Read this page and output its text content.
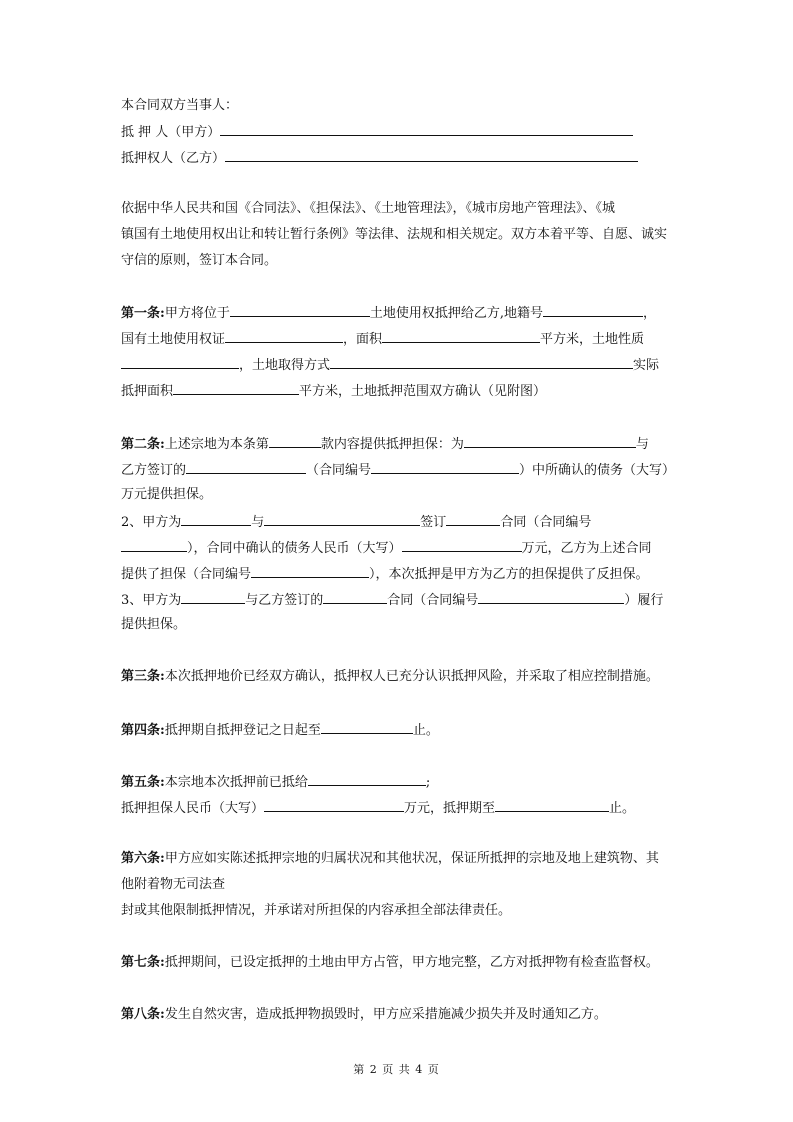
本合同双方当事人：
抵 押 人（甲方）
抵押权人（乙方）
依据中华人民共和国《合同法》、《担保法》、《土地管理法》，《城市房地产管理法》、《城
镇国有土地使用权出让和转让暂行条例》等法律、法规和相关规定。双方本着平等、自愿、诚实
守信的原则，签订本合同。
第一条:甲方将位于	土地使用权抵押给乙方,地籍号	，
国有土地使用权证	，面积	平方米，土地性质
，土地取得方式	实际
抵押面积	平方米，土地抵押范围双方确认（见附图）
第二条:上述宗地为本条第	款内容提供抵押担保：为	与
乙方签订的	（合同编号	）中所确认的债务（大写）
万元提供担保。
2、甲方为	与	签订	合同（合同编号
），合同中确认的债务人民币（大写）	万元，乙方为上述合同
提供了担保（合同编号	），本次抵押是甲方为乙方的担保提供了反担保。
3、甲方为	与乙方签订的	合同（合同编号	）履行
提供担保。
第三条:本次抵押地价已经双方确认，抵押权人已充分认识抵押风险，并采取了相应控制措施。
第四条:抵押期自抵押登记之日起至	止。
第五条:本宗地本次抵押前已抵给	;
抵押担保人民币（大写）	万元，抵押期至	止。
第六条:甲方应如实陈述抵押宗地的归属状况和其他状况，保证所抵押的宗地及地上建筑物、其
他附着物无司法查
封或其他限制抵押情况，并承诺对所担保的内容承担全部法律责任。
第七条:抵押期间，已设定抵押的土地由甲方占管，甲方地完整，乙方对抵押物有检查监督权。
第八条:发生自然灾害，造成抵押物损毁时，甲方应采措施减少损失并及时通知乙方。
第 2 页 共 4 页
